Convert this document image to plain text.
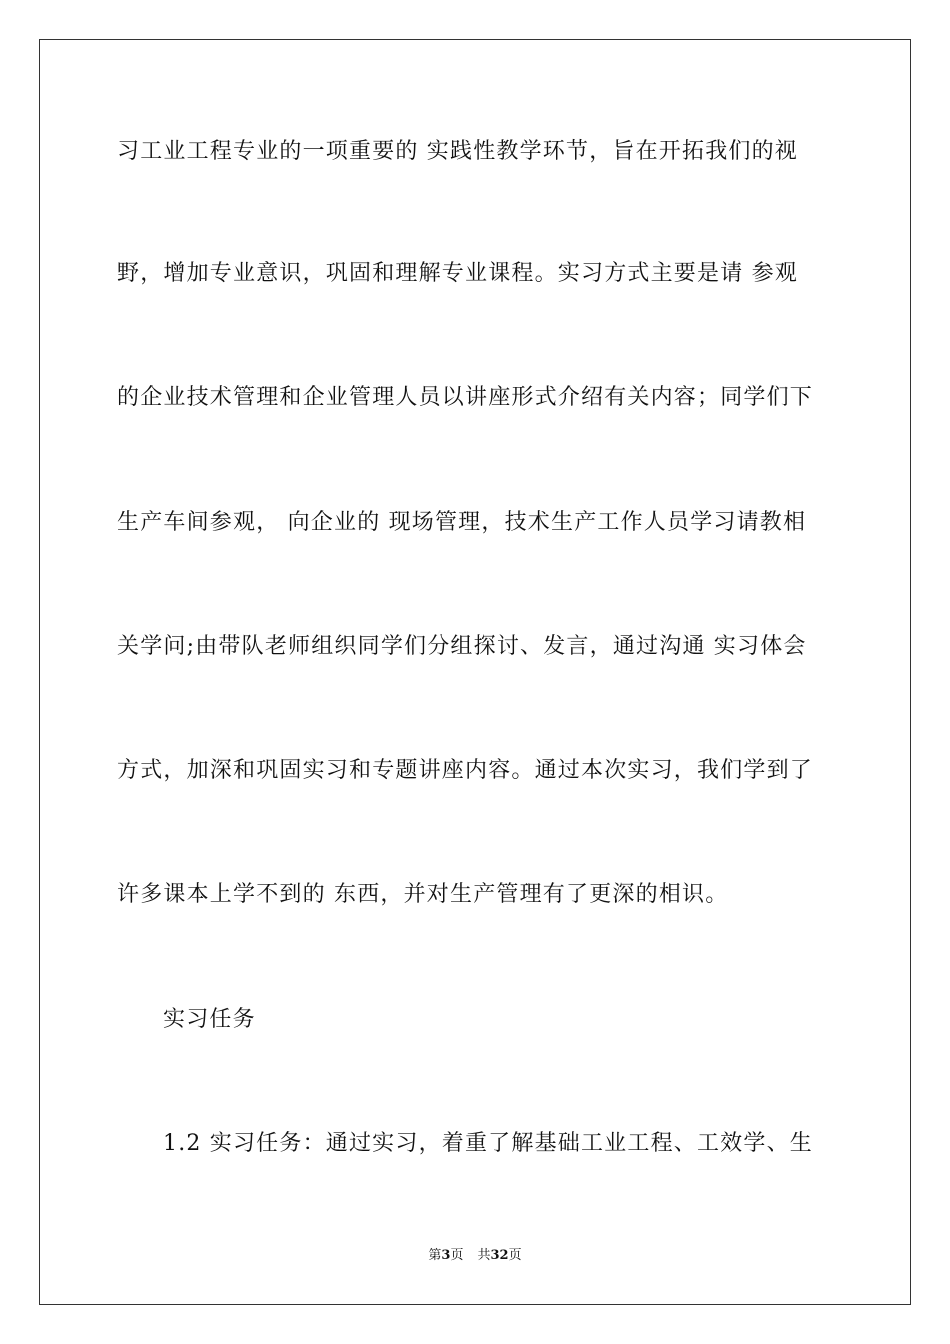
习工业工程专业的一项重要的 实践性教学环节，旨在开拓我们的视
野，增加专业意识，巩固和理解专业课程。实习方式主要是请 参观
的企业技术管理和企业管理人员以讲座形式介绍有关内容；同学们下
生产车间参观， 向企业的 现场管理，技术生产工作人员学习请教相
关学问;由带队老师组织同学们分组探讨、发言，通过沟通 实习体会
方式，加深和巩固实习和专题讲座内容。通过本次实习，我们学到了
许多课本上学不到的 东西，并对生产管理有了更深的相识。
实习任务
1.2 实习任务：通过实习，着重了解基础工业工程、工效学、生
第3页 共32页
